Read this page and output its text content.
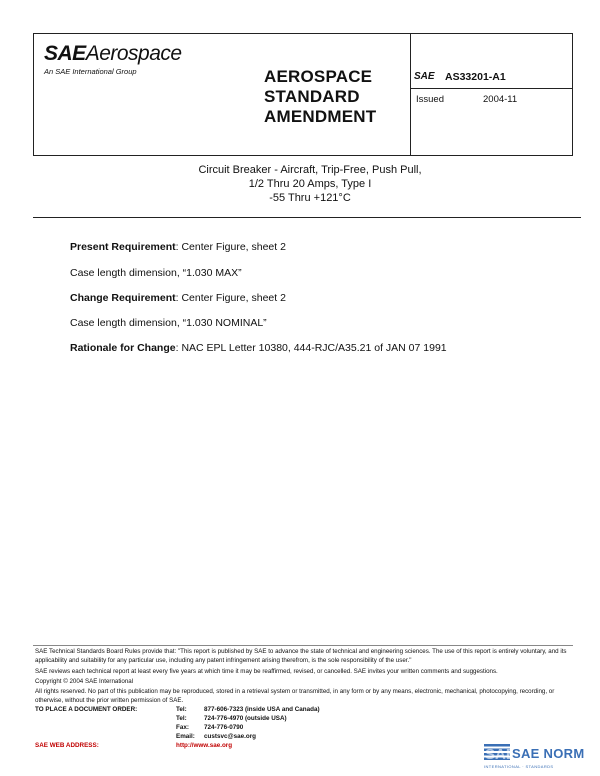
SAEAerospace
An SAE International Group	AEROSPACE
STANDARD
AMENDMENT
SAE AS33201-A1
Issued	2004-11
Circuit Breaker - Aircraft, Trip-Free, Push Pull,
1/2 Thru 20 Amps, Type I
-55 Thru +121°C
Present Requirement: Center Figure, sheet 2
Case length dimension, “1.030 MAX”
Change Requirement: Center Figure, sheet 2
Case length dimension, “1.030 NOMINAL”
Rationale for Change: NAC EPL Letter 10380, 444-RJC/A35.21 of JAN 07 1991
SAE Technical Standards Board Rules provide that: "This report is published by SAE to advance the state of technical and engineering sciences. The use of this report is entirely voluntary, and its applicability and suitability for any particular use, including any patent infringement arising therefrom, is the sole responsibility of the user."
SAE reviews each technical report at least every five years at which time it may be reaffirmed, revised, or cancelled. SAE invites your written comments and suggestions.
Copyright © 2004 SAE International
All rights reserved. No part of this publication may be reproduced, stored in a retrieval system or transmitted, in any form or by any means, electronic, mechanical, photocopying, recording, or otherwise, without the prior written permission of SAE.
TO PLACE A DOCUMENT ORDER:	Tel:	877-606-7323 (inside USA and Canada)
Tel:	724-776-4970 (outside USA)
Fax: 724-776-0790
Email: custsvc@sae.org
SAE WEB ADDRESS:	http://www.sae.org
SAE
SAE NORM
INTERNATIONAL · STANDARDS
